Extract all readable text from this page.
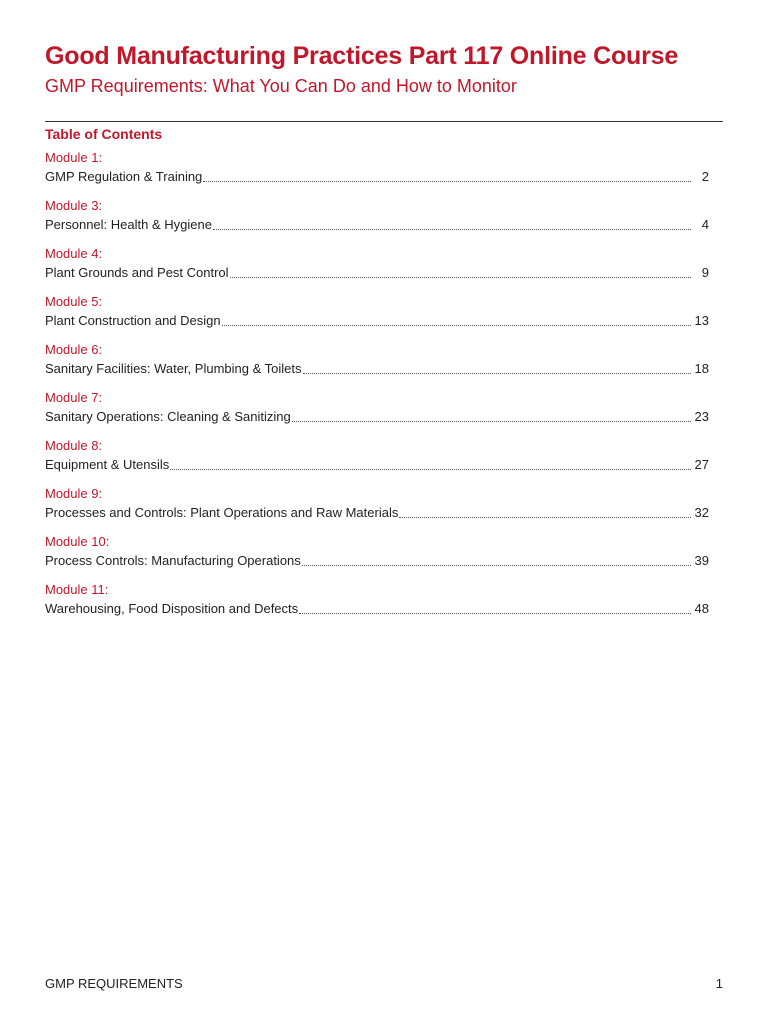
Good Manufacturing Practices Part 117 Online Course
GMP Requirements: What You Can Do and How to Monitor
Table of Contents
Module 1:
GMP Regulation & Training	2
Module 3:
Personnel: Health & Hygiene	4
Module 4:
Plant Grounds and Pest Control	9
Module 5:
Plant Construction and Design	13
Module 6:
Sanitary Facilities: Water, Plumbing & Toilets	18
Module 7:
Sanitary Operations: Cleaning & Sanitizing	23
Module 8:
Equipment & Utensils	27
Module 9:
Processes and Controls: Plant Operations and Raw Materials	32
Module 10:
Process Controls: Manufacturing Operations	39
Module 11:
Warehousing, Food Disposition and Defects	48
GMP REQUIREMENTS	1
